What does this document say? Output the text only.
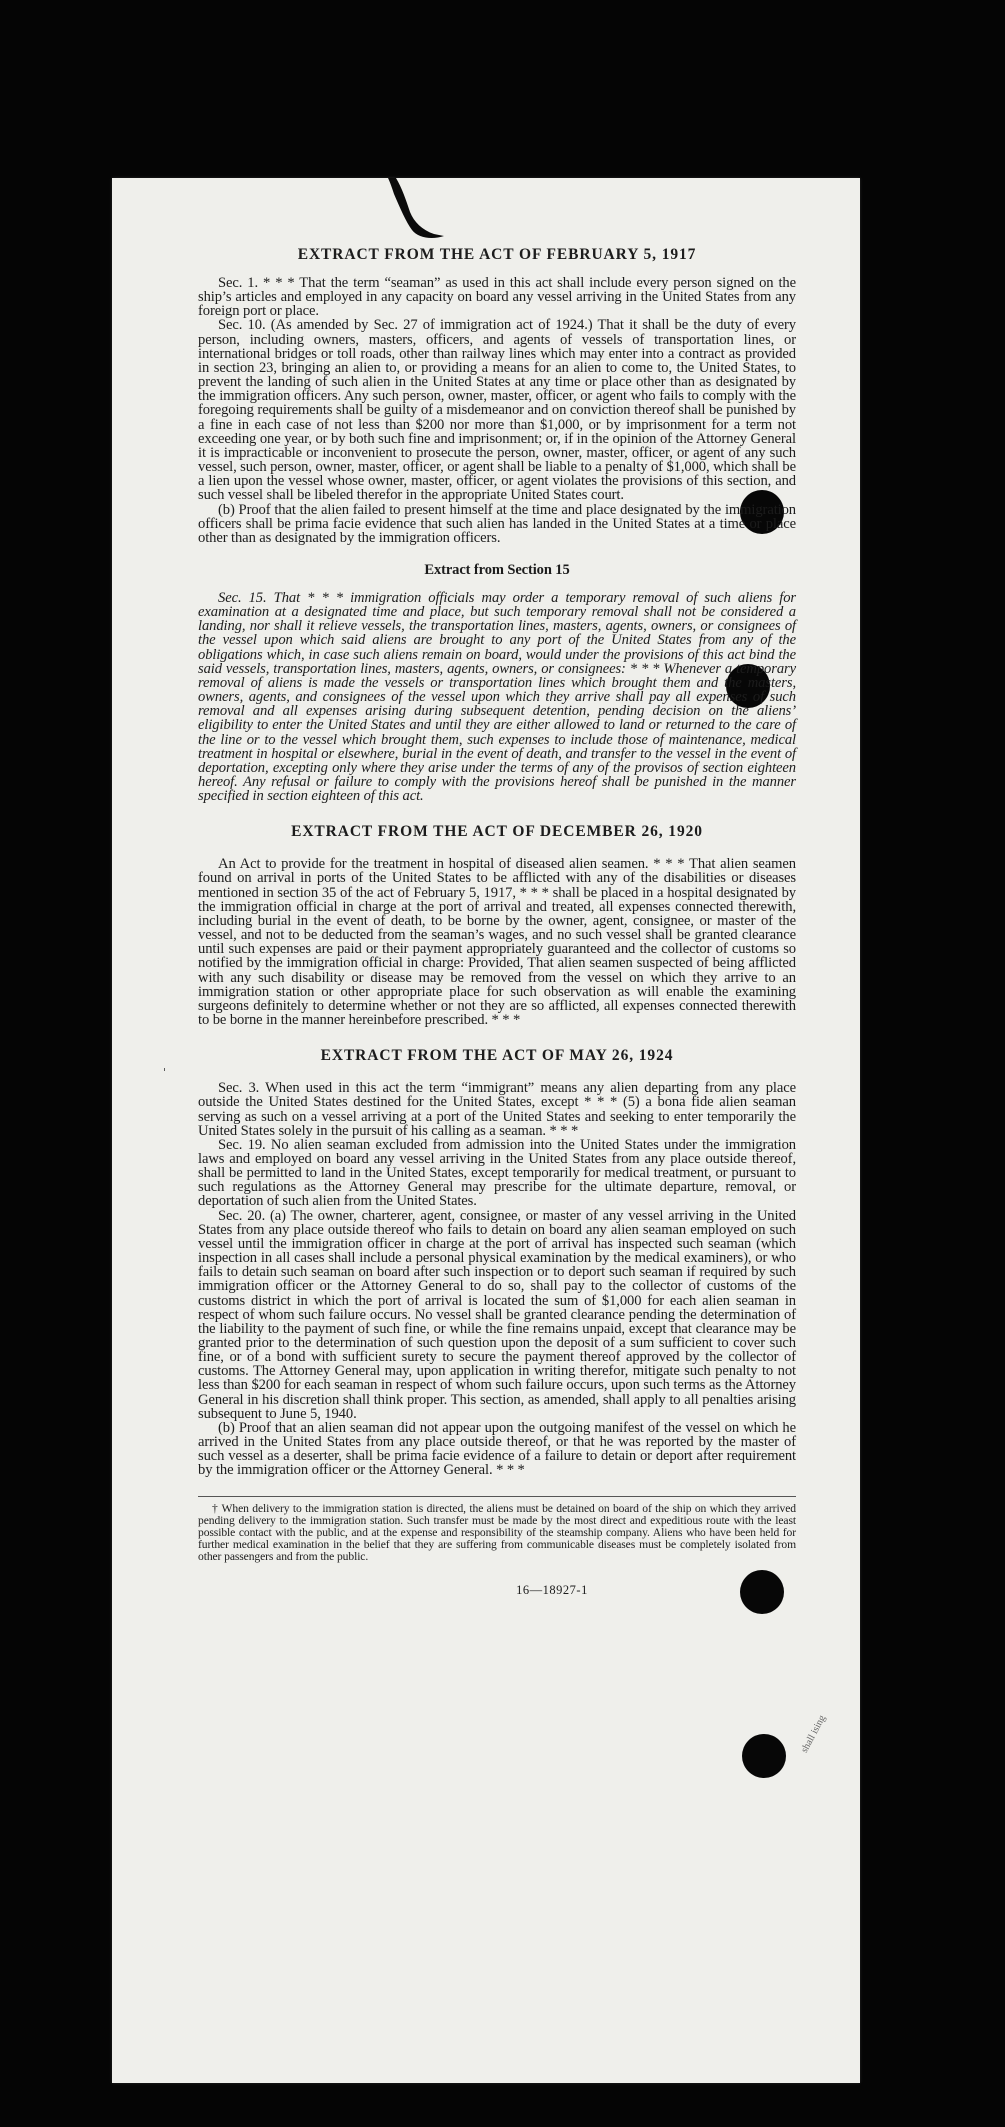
EXTRACT FROM THE ACT OF FEBRUARY 5, 1917

Sec. 1. * * * That the term “seaman” as used in this act shall include every person signed on the ship’s articles and employed in any capacity on board any vessel arriving in the United States from any foreign port or place.

Sec. 10. (As amended by Sec. 27 of immigration act of 1924.) That it shall be the duty of every person, including owners, masters, officers, and agents of vessels of transportation lines, or international bridges or toll roads, other than railway lines which may enter into a contract as provided in section 23, bringing an alien to, or providing a means for an alien to come to, the United States, to prevent the landing of such alien in the United States at any time or place other than as designated by the immigration officers. Any such person, owner, master, officer, or agent who fails to comply with the foregoing requirements shall be guilty of a misdemeanor and on conviction thereof shall be punished by a fine in each case of not less than $200 nor more than $1,000, or by imprisonment for a term not exceeding one year, or by both such fine and imprisonment; or, if in the opinion of the Attorney General it is impracticable or inconvenient to prosecute the person, owner, master, officer, or agent of any such vessel, such person, owner, master, officer, or agent shall be liable to a penalty of $1,000, which shall be a lien upon the vessel whose owner, master, officer, or agent violates the provisions of this section, and such vessel shall be libeled therefor in the appropriate United States court.

(b) Proof that the alien failed to present himself at the time and place designated by the immigration officers shall be prima facie evidence that such alien has landed in the United States at a time or place other than as designated by the immigration officers.

Extract from Section 15

Sec. 15. That * * * immigration officials may order a temporary removal of such aliens for examination at a designated time and place, but such temporary removal shall not be considered a landing, nor shall it relieve vessels, the transportation lines, masters, agents, owners, or consignees of the vessel upon which said aliens are brought to any port of the United States from any of the obligations which, in case such aliens remain on board, would under the provisions of this act bind the said vessels, transportation lines, masters, agents, owners, or consignees: * * * Whenever a temporary removal of aliens is made the vessels or transportation lines which brought them and the masters, owners, agents, and consignees of the vessel upon which they arrive shall pay all expenses of such removal and all expenses arising during subsequent detention, pending decision on the aliens’ eligibility to enter the United States and until they are either allowed to land or returned to the care of the line or to the vessel which brought them, such expenses to include those of maintenance, medical treatment in hospital or elsewhere, burial in the event of death, and transfer to the vessel in the event of deportation, excepting only where they arise under the terms of any of the provisos of section eighteen hereof. Any refusal or failure to comply with the provisions hereof shall be punished in the manner specified in section eighteen of this act.

EXTRACT FROM THE ACT OF DECEMBER 26, 1920

An Act to provide for the treatment in hospital of diseased alien seamen. * * * That alien seamen found on arrival in ports of the United States to be afflicted with any of the disabilities or diseases mentioned in section 35 of the act of February 5, 1917, * * * shall be placed in a hospital designated by the immigration official in charge at the port of arrival and treated, all expenses connected therewith, including burial in the event of death, to be borne by the owner, agent, consignee, or master of the vessel, and not to be deducted from the seaman’s wages, and no such vessel shall be granted clearance until such expenses are paid or their payment appropriately guaranteed and the collector of customs so notified by the immigration official in charge: Provided, That alien seamen suspected of being afflicted with any such disability or disease may be removed from the vessel on which they arrive to an immigration station or other appropriate place for such observation as will enable the examining surgeons definitely to determine whether or not they are so afflicted, all expenses connected therewith to be borne in the manner hereinbefore prescribed. * * *

EXTRACT FROM THE ACT OF MAY 26, 1924

Sec. 3. When used in this act the term “immigrant” means any alien departing from any place outside the United States destined for the United States, except * * * (5) a bona fide alien seaman serving as such on a vessel arriving at a port of the United States and seeking to enter temporarily the United States solely in the pursuit of his calling as a seaman. * * *

Sec. 19. No alien seaman excluded from admission into the United States under the immigration laws and employed on board any vessel arriving in the United States from any place outside thereof, shall be permitted to land in the United States, except temporarily for medical treatment, or pursuant to such regulations as the Attorney General may prescribe for the ultimate departure, removal, or deportation of such alien from the United States.

Sec. 20. (a) The owner, charterer, agent, consignee, or master of any vessel arriving in the United States from any place outside thereof who fails to detain on board any alien seaman employed on such vessel until the immigration officer in charge at the port of arrival has inspected such seaman (which inspection in all cases shall include a personal physical examination by the medical examiners), or who fails to detain such seaman on board after such inspection or to deport such seaman if required by such immigration officer or the Attorney General to do so, shall pay to the collector of customs of the customs district in which the port of arrival is located the sum of $1,000 for each alien seaman in respect of whom such failure occurs. No vessel shall be granted clearance pending the determination of the liability to the payment of such fine, or while the fine remains unpaid, except that clearance may be granted prior to the determination of such question upon the deposit of a sum sufficient to cover such fine, or of a bond with sufficient surety to secure the payment thereof approved by the collector of customs. The Attorney General may, upon application in writing therefor, mitigate such penalty to not less than $200 for each seaman in respect of whom such failure occurs, upon such terms as the Attorney General in his discretion shall think proper. This section, as amended, shall apply to all penalties arising subsequent to June 5, 1940.

(b) Proof that an alien seaman did not appear upon the outgoing manifest of the vessel on which he arrived in the United States from any place outside thereof, or that he was reported by the master of such vessel as a deserter, shall be prima facie evidence of a failure to detain or deport after requirement by the immigration officer or the Attorney General. * * *

† When delivery to the immigration station is directed, the aliens must be detained on board of the ship on which they arrived pending delivery to the immigration station. Such transfer must be made by the most direct and expeditious route with the least possible contact with the public, and at the expense and responsibility of the steamship company. Aliens who have been held for further medical examination in the belief that they are suffering from communicable diseases must be completely isolated from other passengers and from the public.

16—18927-1
shall ising
